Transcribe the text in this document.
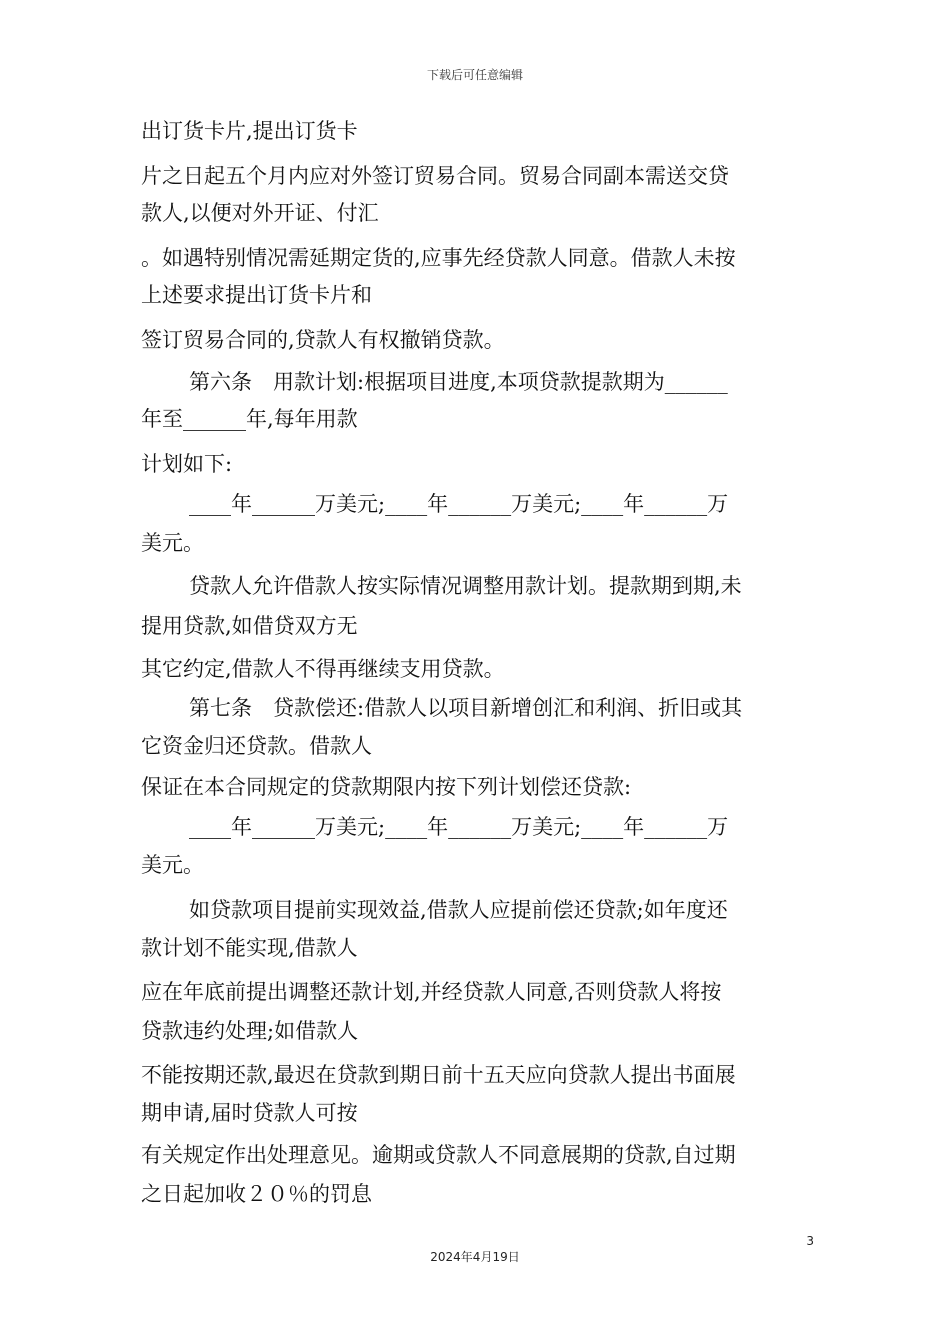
下载后可任意编辑
出订货卡片,提出订货卡
片之日起五个月内应对外签订贸易合同。贸易合同副本需送交贷
款人,以便对外开证、付汇
。如遇特别情况需延期定货的,应事先经贷款人同意。借款人未按
上述要求提出订货卡片和
签订贸易合同的,贷款人有权撤销贷款。
第六条　用款计划:根据项目进度,本项贷款提款期为______
年至______年,每年用款
计划如下:
____年______万美元;____年______万美元;____年______万
美元。
贷款人允许借款人按实际情况调整用款计划。提款期到期,未
提用贷款,如借贷双方无
其它约定,借款人不得再继续支用贷款。
第七条　贷款偿还:借款人以项目新增创汇和利润、折旧或其
它资金归还贷款。借款人
保证在本合同规定的贷款期限内按下列计划偿还贷款:
____年______万美元;____年______万美元;____年______万
美元。
如贷款项目提前实现效益,借款人应提前偿还贷款;如年度还
款计划不能实现,借款人
应在年底前提出调整还款计划,并经贷款人同意,否则贷款人将按
贷款违约处理;如借款人
不能按期还款,最迟在贷款到期日前十五天应向贷款人提出书面展
期申请,届时贷款人可按
有关规定作出处理意见。逾期或贷款人不同意展期的贷款,自过期
之日起加收２０％的罚息
3
2024年4月19日
